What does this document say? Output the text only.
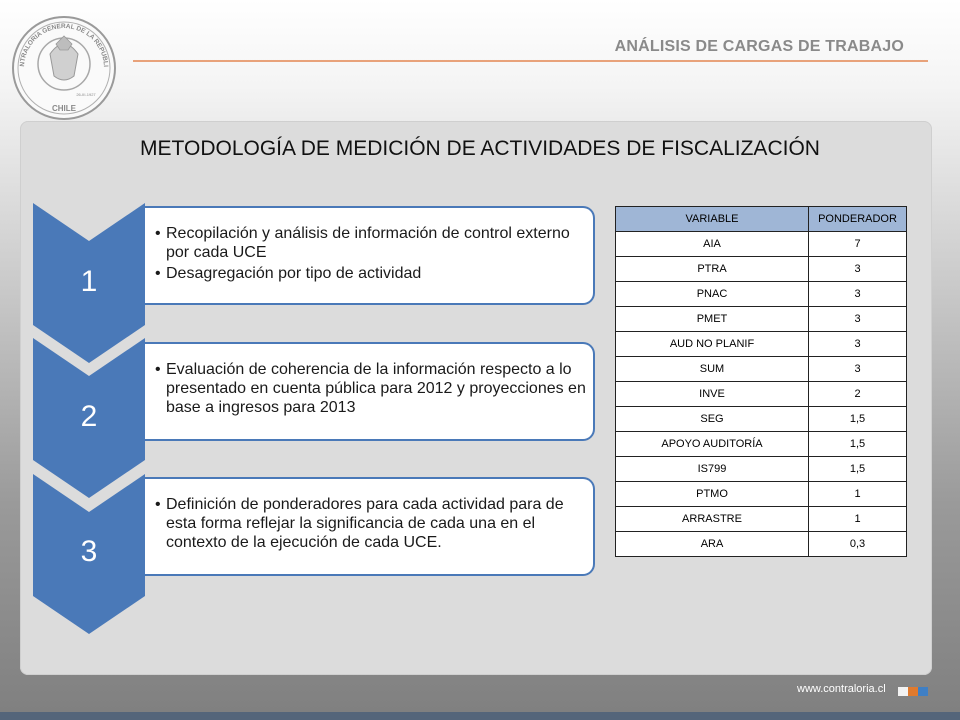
ANÁLISIS DE CARGAS DE TRABAJO
NTRALORIA GENERAL DE LA REPUBLI
CHILE
26-III-1927
METODOLOGÍA DE MEDICIÓN DE ACTIVIDADES DE FISCALIZACIÓN
1
• Recopilación y análisis de información de control externo por cada UCE
• Desagregación por tipo de actividad
2
• Evaluación de coherencia de la información respecto a lo presentado en cuenta pública para 2012 y proyecciones en base a ingresos para 2013
3
• Definición de ponderadores para cada actividad para de esta forma reflejar la significancia de cada una en el contexto de la ejecución de cada UCE.
VARIABLE	PONDERADOR
AIA	7
PTRA	3
PNAC	3
PMET	3
AUD NO PLANIF	3
SUM	3
INVE	2
SEG	1,5
APOYO AUDITORÍA	1,5
IS799	1,5
PTMO	1
ARRASTRE	1
ARA	0,3
www.contraloria.cl
